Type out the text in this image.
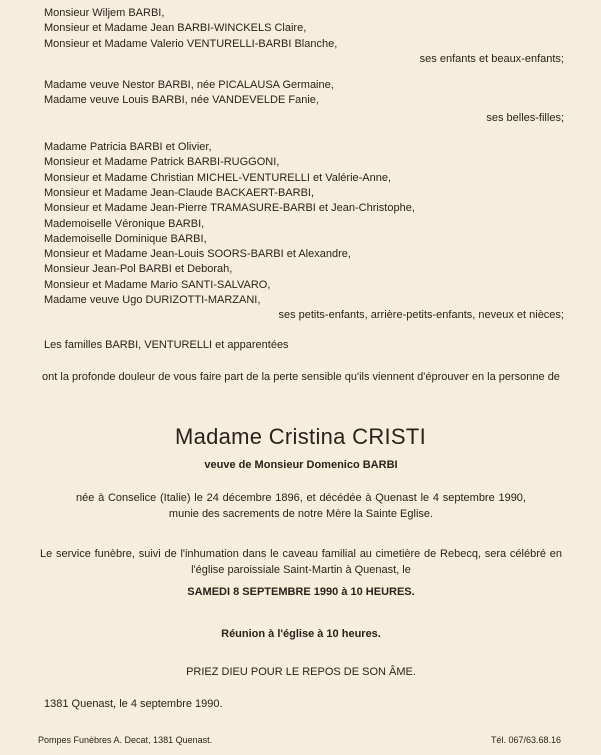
Monsieur Wiljem BARBI,
Monsieur et Madame Jean BARBI-WINCKELS Claire,
Monsieur et Madame Valerio VENTURELLI-BARBI Blanche,
ses enfants et beaux-enfants;
Madame veuve Nestor BARBI, née PICALAUSA Germaine,
Madame veuve Louis BARBI, née VANDEVELDE Fanie,
ses belles-filles;
Madame Patricia BARBI et Olivier,
Monsieur et Madame Patrick BARBI-RUGGONI,
Monsieur et Madame Christian MICHEL-VENTURELLI et Valérie-Anne,
Monsieur et Madame Jean-Claude BACKAERT-BARBI,
Monsieur et Madame Jean-Pierre TRAMASURE-BARBI et Jean-Christophe,
Mademoiselle Véronique BARBI,
Mademoiselle Dominique BARBI,
Monsieur et Madame Jean-Louis SOORS-BARBI et Alexandre,
Monsieur Jean-Pol BARBI et Deborah,
Monsieur et Madame Mario SANTI-SALVARO,
Madame veuve Ugo DURIZOTTI-MARZANI,
ses petits-enfants, arrière-petits-enfants, neveux et nièces;
Les familles BARBI, VENTURELLI et apparentées
ont la profonde douleur de vous faire part de la perte sensible qu'ils viennent d'éprouver en la personne de
Madame Cristina CRISTI
veuve de Monsieur Domenico BARBI
née à Conselice (Italie) le 24 décembre 1896, et décédée à Quenast le 4 septembre 1990, munie des sacrements de notre Mère la Sainte Eglise.
Le service funèbre, suivi de l'inhumation dans le caveau familial au cimetière de Rebecq, sera célébré en l'église paroissiale Saint-Martin à Quenast, le
SAMEDI 8 SEPTEMBRE 1990 à 10 HEURES.
Réunion à l'église à 10 heures.
PRIEZ DIEU POUR LE REPOS DE SON ÂME.
1381 Quenast, le 4 septembre 1990.
Pompes Funèbres A. Decat, 1381 Quenast.	Tél. 067/63.68.16
